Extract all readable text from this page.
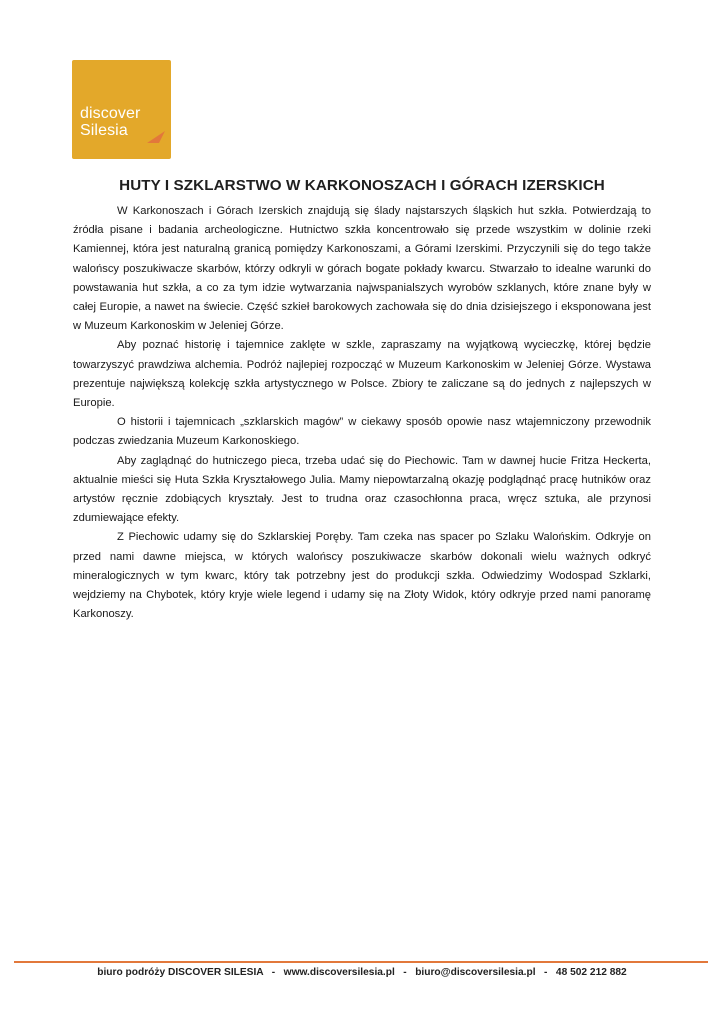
discover
Silesia
HUTY I SZKLARSTWO W KARKONOSZACH I GÓRACH IZERSKICH

W Karkonoszach i Górach Izerskich znajdują się ślady najstarszych śląskich hut szkła. Potwierdzają to źródła pisane i badania archeologiczne. Hutnictwo szkła koncentrowało się przede wszystkim w dolinie rzeki Kamiennej, która jest naturalną granicą pomiędzy Karkonoszami, a Górami Izerskimi. Przyczynili się do tego także walońscy poszukiwacze skarbów, którzy odkryli w górach bogate pokłady kwarcu. Stwarzało to idealne warunki do powstawania hut szkła, a co za tym idzie wytwarzania najwspanialszych wyrobów szklanych, które znane były w całej Europie, a nawet na świecie. Część szkieł barokowych zachowała się do dnia dzisiejszego i eksponowana jest w Muzeum Karkonoskim w Jeleniej Górze.

Aby poznać historię i tajemnice zaklęte w szkle, zapraszamy na wyjątkową wycieczkę, której będzie towarzyszyć prawdziwa alchemia. Podróż najlepiej rozpocząć w Muzeum Karkonoskim w Jeleniej Górze. Wystawa prezentuje największą kolekcję szkła artystycznego w Polsce. Zbiory te zaliczane są do jednych z najlepszych w Europie.

O historii i tajemnicach „szklarskich magów” w ciekawy sposób opowie nasz wtajemniczony przewodnik podczas zwiedzania Muzeum Karkonoskiego.

Aby zaglądnąć do hutniczego pieca, trzeba udać się do Piechowic. Tam w dawnej hucie Fritza Heckerta, aktualnie mieści się Huta Szkła Kryształowego Julia. Mamy niepowtarzalną okazję podglądnąć pracę hutników oraz artystów ręcznie zdobiących kryształy. Jest to trudna oraz czasochłonna praca, wręcz sztuka, ale przynosi zdumiewające efekty.

Z Piechowic udamy się do Szklarskiej Poręby. Tam czeka nas spacer po Szlaku Walońskim. Odkryje on przed nami dawne miejsca, w których walońscy poszukiwacze skarbów dokonali wielu ważnych odkryć mineralogicznych w tym kwarc, który tak potrzebny jest do produkcji szkła. Odwiedzimy Wodospad Szklarki, wejdziemy na Chybotek, który kryje wiele legend i udamy się na Złoty Widok, który odkryje przed nami panoramę Karkonoszy.

biuro podróży DISCOVER SILESIA   -   www.discoversilesia.pl   -   biuro@discoversilesia.pl   -   48 502 212 882
